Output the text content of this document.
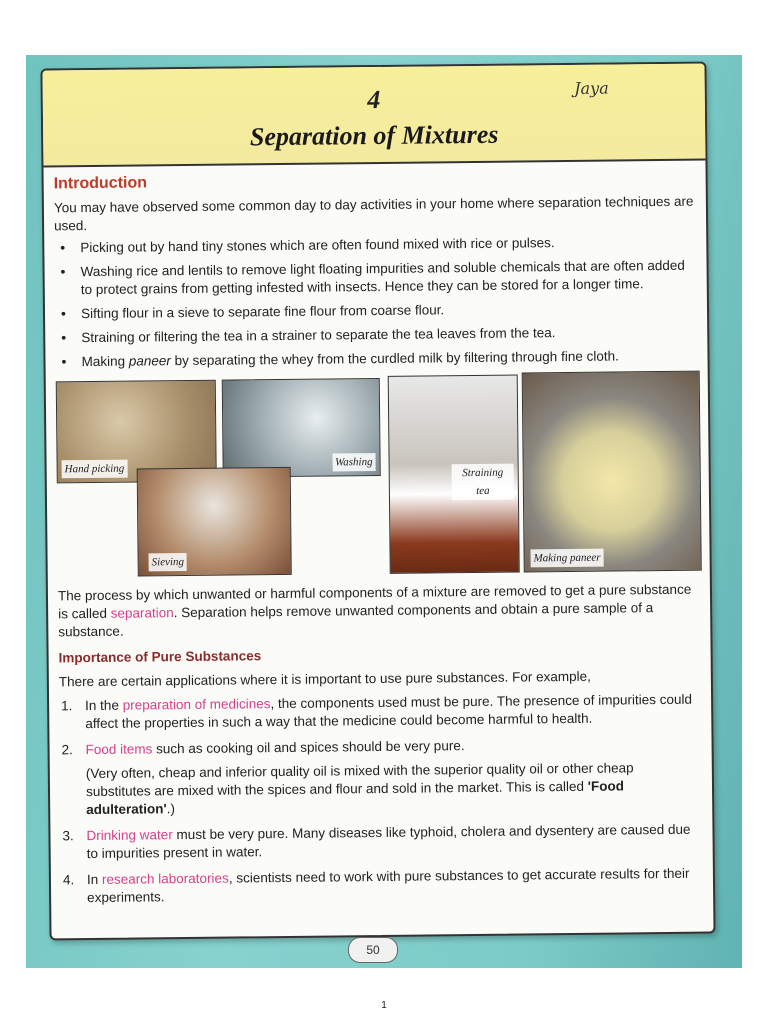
4
Separation of Mixtures
Jaya
Introduction

You may have observed some common day to day activities in your home where separation techniques are used.

• Picking out by hand tiny stones which are often found mixed with rice or pulses.
• Washing rice and lentils to remove light floating impurities and soluble chemicals that are often added to protect grains from getting infested with insects. Hence they can be stored for a longer time.
• Sifting flour in a sieve to separate fine flour from coarse flour.
• Straining or filtering the tea in a strainer to separate the tea leaves from the tea.
• Making paneer by separating the whey from the curdled milk by filtering through fine cloth.
Hand picking
Washing
Sieving
Straining tea
Making paneer

The process by which unwanted or harmful components of a mixture are removed to get a pure substance is called separation. Separation helps remove unwanted components and obtain a pure sample of a substance.

Importance of Pure Substances

There are certain applications where it is important to use pure substances. For example,

1. In the preparation of medicines, the components used must be pure. The presence of impurities could affect the properties in such a way that the medicine could become harmful to health.
2. Food items such as cooking oil and spices should be very pure.
(Very often, cheap and inferior quality oil is mixed with the superior quality oil or other cheap substitutes are mixed with the spices and flour and sold in the market. This is called 'Food adulteration'.)
3. Drinking water must be very pure. Many diseases like typhoid, cholera and dysentery are caused due to impurities present in water.
4. In research laboratories, scientists need to work with pure substances to get accurate results for their experiments.
50
1
